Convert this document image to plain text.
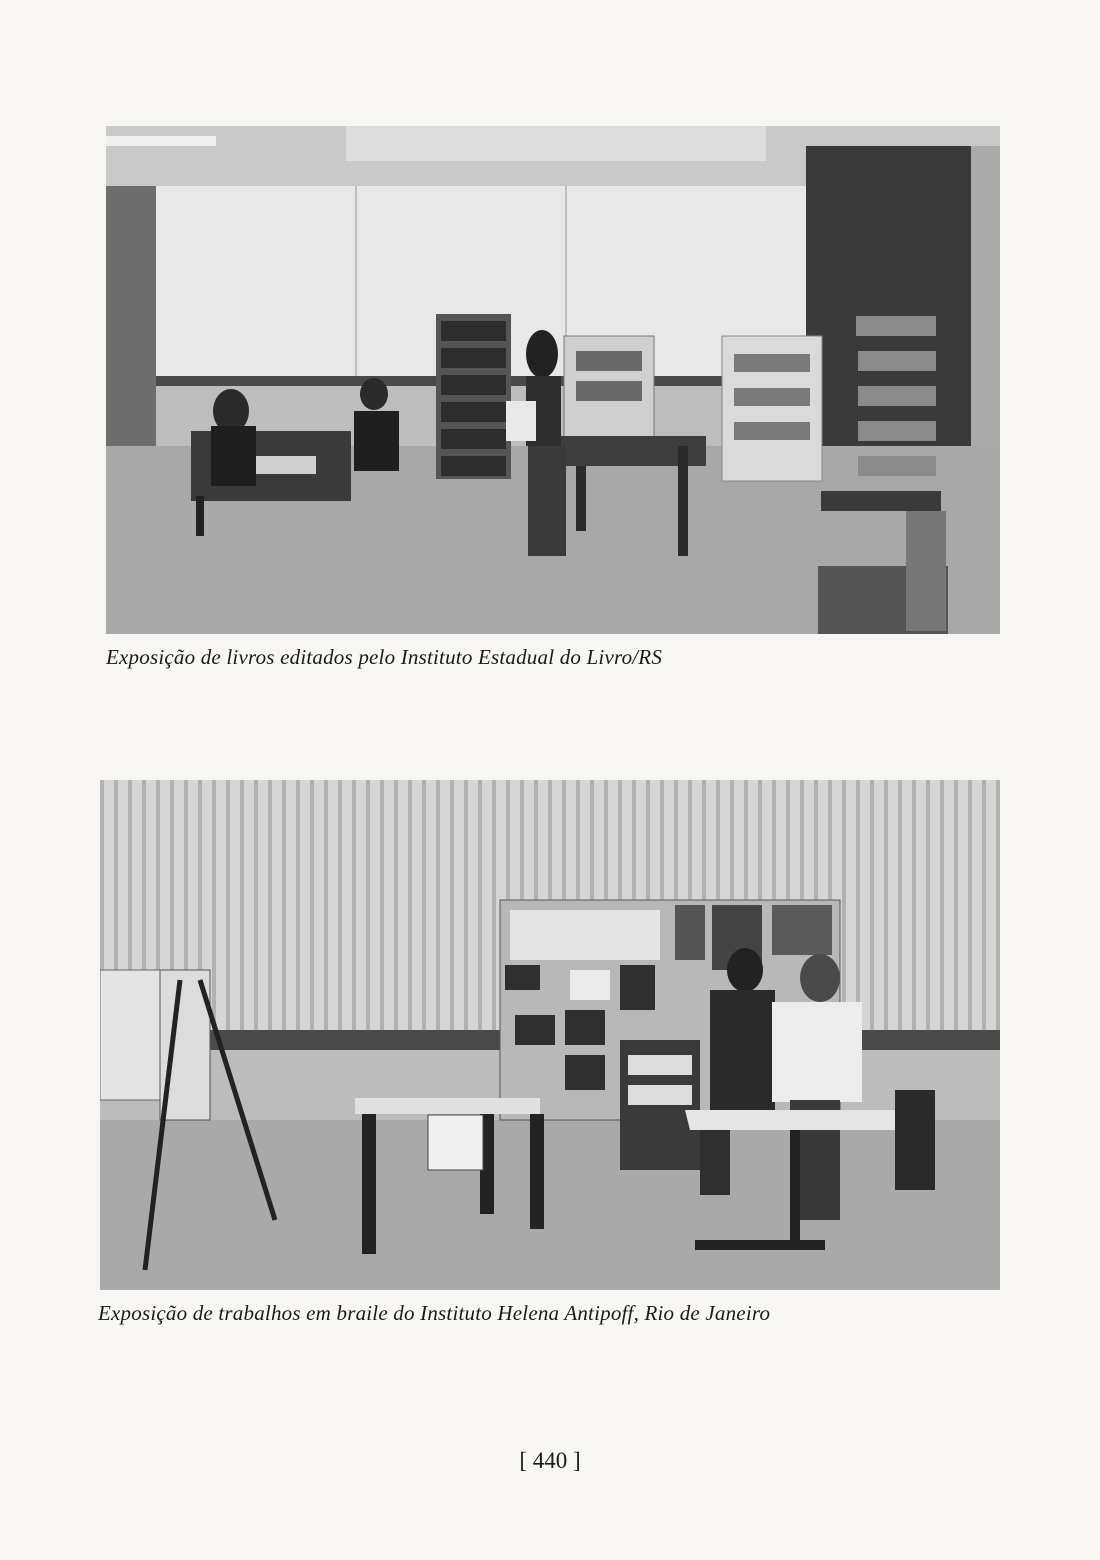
Exposição de livros editados pelo Instituto Estadual do Livro/RS
Exposição de trabalhos em braile do Instituto Helena Antipoff, Rio de Janeiro
[ 440 ]
